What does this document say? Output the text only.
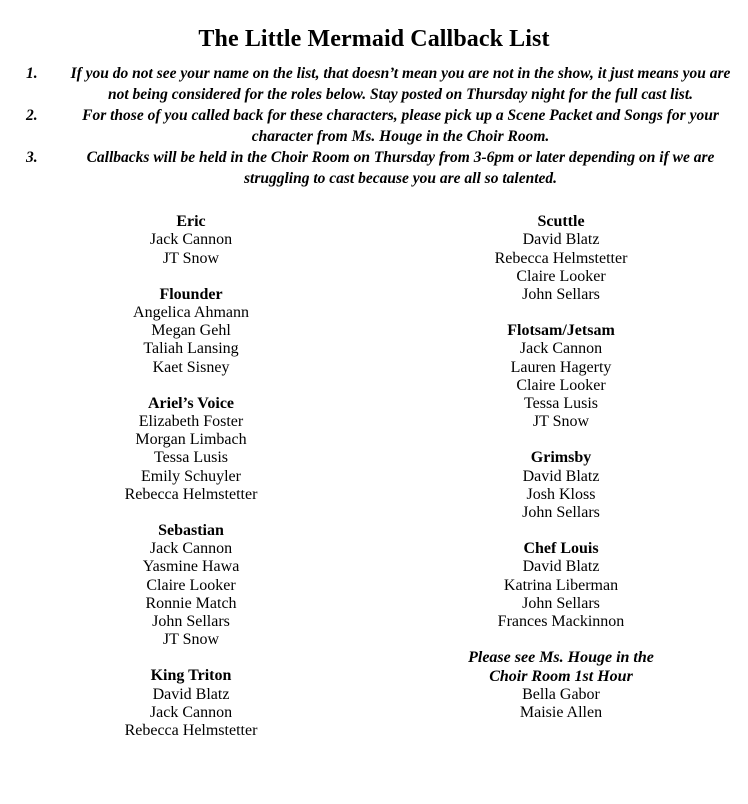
The Little Mermaid Callback List
1.	If you do not see your name on the list, that doesn’t mean you are not in the show, it just means you are not being considered for the roles below. Stay posted on Thursday night for the full cast list.
2.	For those of you called back for these characters, please pick up a Scene Packet and Songs for your character from Ms. Houge in the Choir Room.
3.	Callbacks will be held in the Choir Room on Thursday from 3-6pm or later depending on if we are struggling to cast because you are all so talented.
Eric
Jack Cannon
JT Snow
Flounder
Angelica Ahmann
Megan Gehl
Taliah Lansing
Kaet Sisney
Ariel’s Voice
Elizabeth Foster
Morgan Limbach
Tessa Lusis
Emily Schuyler
Rebecca Helmstetter
Sebastian
Jack Cannon
Yasmine Hawa
Claire Looker
Ronnie Match
John Sellars
JT Snow
King Triton
David Blatz
Jack Cannon
Rebecca Helmstetter
Scuttle
David Blatz
Rebecca Helmstetter
Claire Looker
John Sellars
Flotsam/Jetsam
Jack Cannon
Lauren Hagerty
Claire Looker
Tessa Lusis
JT Snow
Grimsby
David Blatz
Josh Kloss
John Sellars
Chef Louis
David Blatz
Katrina Liberman
John Sellars
Frances Mackinnon
Please see Ms. Houge in the
Choir Room 1st Hour
Bella Gabor
Maisie Allen
